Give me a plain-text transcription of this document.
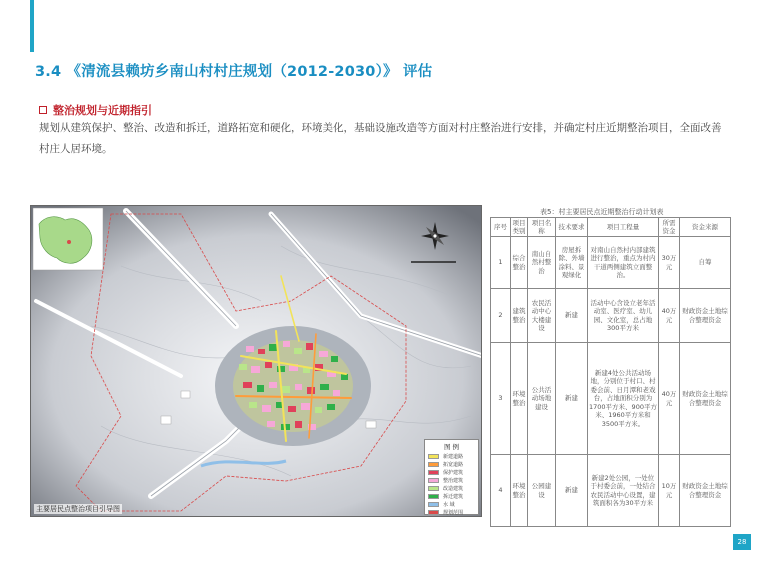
3.4 《清流县赖坊乡南山村村庄规划（2012-2030）》 评估
整治规划与近期指引
规划从建筑保护、整治、改造和拆迁，道路拓宽和硬化，环境美化，基础设施改造等方面对村庄整治进行安排，并确定村庄近期整治项目，全面改善村庄人居环境。
图 例
新建道路
拓宽道路
保护建筑
整治建筑
改造建筑
拆迁建筑
水 域
规划范围
主要居民点整治项目引导图
表5：村主要居民点近期整治行动计划表
序号	项目类别	项目名称	技术要求	项目工程量	所需资金	资金来源
1	综合整治	南山自然村整治	房屋拆除、外墙涂料、景观绿化	对南山自然村内部建筑进行整治，重点为村内干道两侧建筑立面整治。	30万元	自筹
2	建筑整治	农民活动中心大楼建设	新建	活动中心含设立老年活动室、医疗室、幼儿园、文化室，总占地300平方米	40万元	财政资金土地综合整理资金
3	环境整治	公共活动场地建设	新建	新建4处公共活动场地，分别位于村口、村委会前、日月潭和老戏台，占地面积分别为1700平方米、900平方米、1960平方米和3500平方米。	40万元	财政资金土地综合整理资金
4	环境整治	公园建设	新建	新建2处公园，一处位于村委会前，一处结合农民活动中心设置，建筑面积各为30平方米	10万元	财政资金土地综合整理资金
28
